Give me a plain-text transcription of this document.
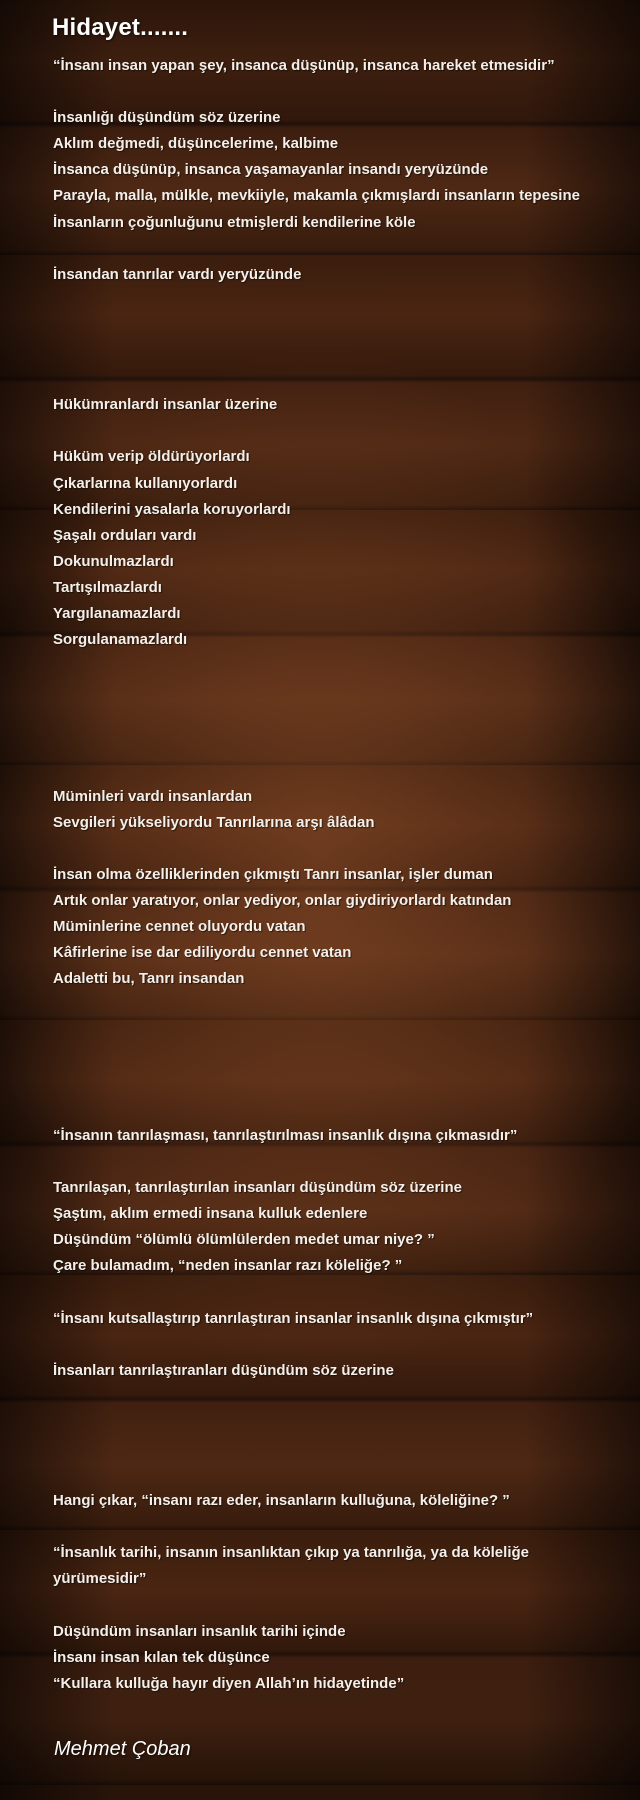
Hidayet.......
“İnsanı insan yapan şey, insanca düşünüp, insanca hareket etmesidir”
İnsanlığı düşündüm söz üzerine
Aklım değmedi, düşüncelerime, kalbime
İnsanca düşünüp, insanca yaşamayanlar insandı yeryüzünde
Parayla, malla, mülkle, mevkiiyle, makamla çıkmışlardı insanların tepesine
İnsanların çoğunluğunu etmişlerdi kendilerine köle
İnsandan tanrılar vardı yeryüzünde
Hükümranlardı insanlar üzerine
Hüküm verip öldürüyorlardı
Çıkarlarına kullanıyorlardı
Kendilerini yasalarla koruyorlardı
Şaşalı orduları vardı
Dokunulmazlardı
Tartışılmazlardı
Yargılanamazlardı
Sorgulanamazlardı
Müminleri vardı insanlardan
Sevgileri yükseliyordu Tanrılarına arşı âlâdan
İnsan olma özelliklerinden çıkmıştı Tanrı insanlar, işler duman
Artık onlar yaratıyor, onlar yediyor, onlar giydiriyorlardı katından
Müminlerine cennet oluyordu vatan
Kâfirlerine ise dar ediliyordu cennet vatan
Adaletti bu, Tanrı insandan
“İnsanın tanrılaşması, tanrılaştırılması insanlık dışına çıkmasıdır”
Tanrılaşan, tanrılaştırılan insanları düşündüm söz üzerine
Şaştım, aklım ermedi insana kulluk edenlere
Düşündüm “ölümlü ölümlülerden medet umar niye? ”
Çare bulamadım, “neden insanlar razı köleliğe? ”
“İnsanı kutsallaştırıp tanrılaştıran insanlar insanlık dışına çıkmıştır”
İnsanları tanrılaştıranları düşündüm söz üzerine
Hangi çıkar, “insanı razı eder, insanların kulluğuna, köleliğine? ”
“İnsanlık tarihi, insanın insanlıktan çıkıp ya tanrılığa, ya da köleliğe yürümesidir”
Düşündüm insanları insanlık tarihi içinde
İnsanı insan kılan tek düşünce
“Kullara kulluğa hayır diyen Allah’ın hidayetinde”

Mehmet Çoban
